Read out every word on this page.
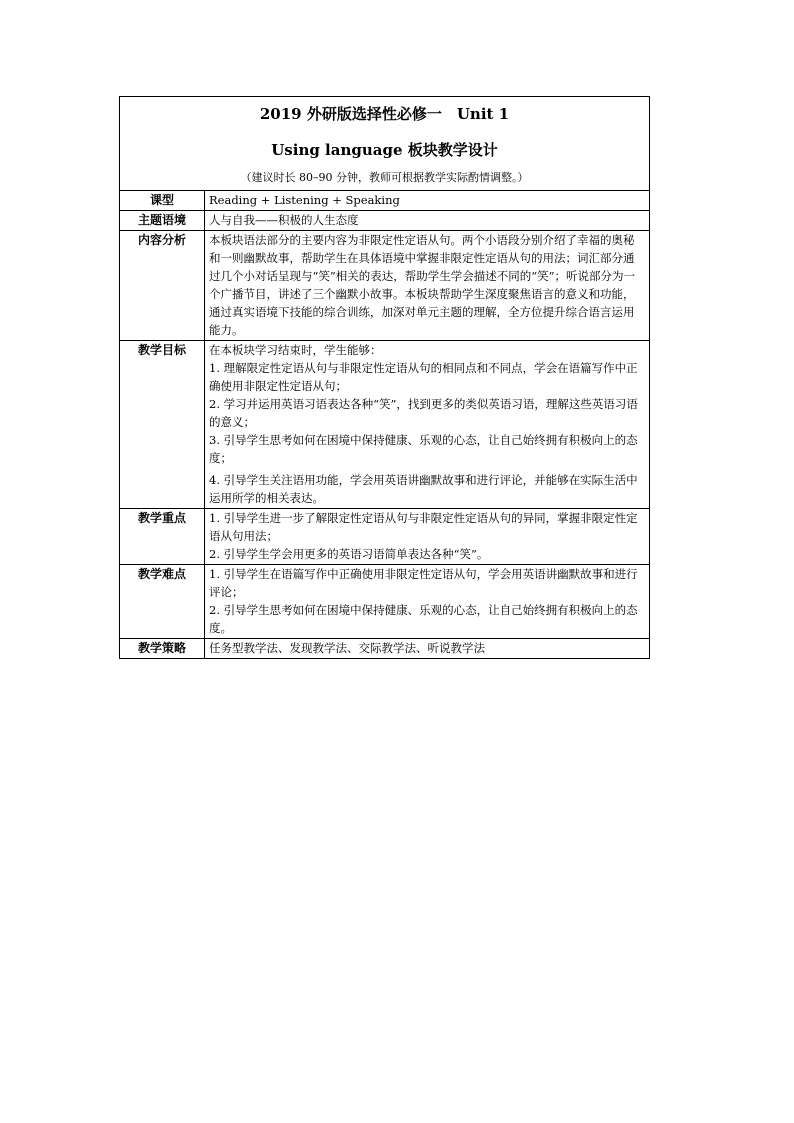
2019 外研版选择性必修一　Unit 1
Using language 板块教学设计
（建议时长 80–90 分钟，教师可根据教学实际酌情调整。）	

课型	Reading + Listening + Speaking
主题语境	人与自我——积极的人生态度
内容分析	本板块语法部分的主要内容为非限定性定语从句。两个小语段分别介绍了幸福的奥秘和一则幽默故事，帮助学生在具体语境中掌握非限定性定语从句的用法；词汇部分通过几个小对话呈现与“笑”相关的表达，帮助学生学会描述不同的“笑”；听说部分为一个广播节目，讲述了三个幽默小故事。本板块帮助学生深度聚焦语言的意义和功能，通过真实语境下技能的综合训练，加深对单元主题的理解，全方位提升综合语言运用能力。
教学目标	在本板块学习结束时，学生能够：

1. 理解限定性定语从句与非限定性定语从句的相同点和不同点，学会在语篇写作中正确使用非限定性定语从句；

2. 学习并运用英语习语表达各种“笑”，找到更多的类似英语习语，理解这些英语习语的意义；

3. 引导学生思考如何在困境中保持健康、乐观的心态，让自己始终拥有积极向上的态度；

4. 引导学生关注语用功能，学会用英语讲幽默故事和进行评论，并能够在实际生活中运用所学的相关表达。

教学重点	1. 引导学生进一步了解限定性定语从句与非限定性定语从句的异同，掌握非限定性定语从句用法；

2. 引导学生学会用更多的英语习语简单表达各种“笑”。

教学难点	1. 引导学生在语篇写作中正确使用非限定性定语从句，学会用英语讲幽默故事和进行评论；

2. 引导学生思考如何在困境中保持健康、乐观的心态，让自己始终拥有积极向上的态度。

教学策略	任务型教学法、发现教学法、交际教学法、听说教学法
